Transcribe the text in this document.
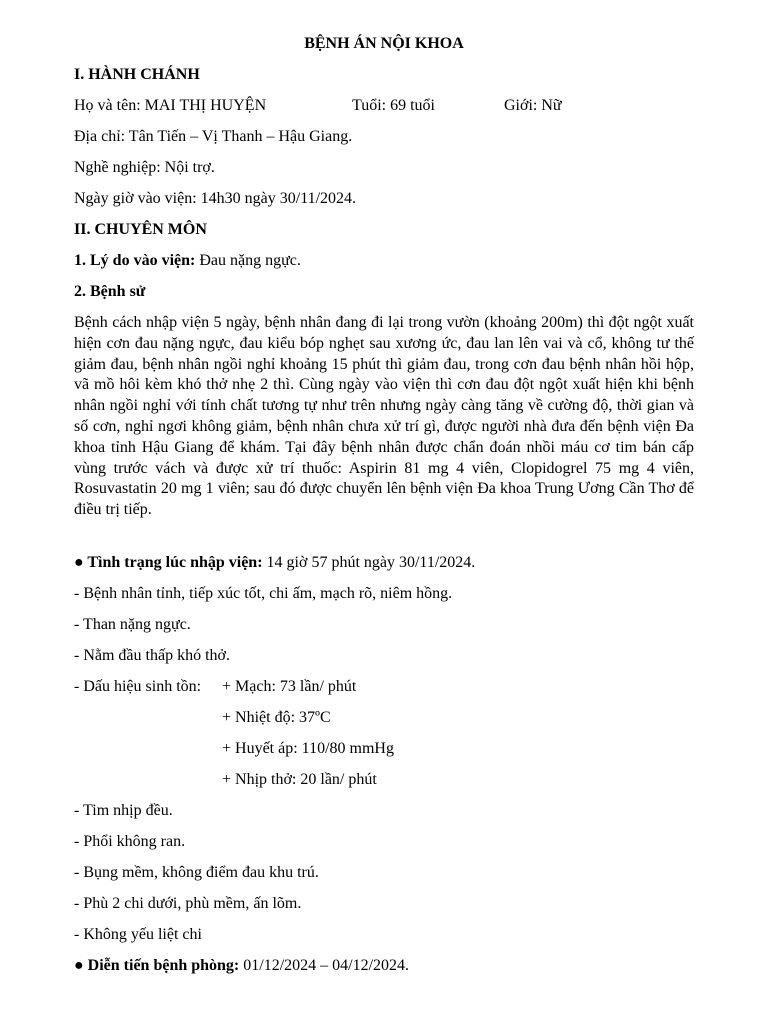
BỆNH ÁN NỘI KHOA
I. HÀNH CHÁNH
Họ và tên: MAI THỊ HUYỆN	Tuổi: 69 tuổi	Giới: Nữ
Địa chỉ: Tân Tiến – Vị Thanh – Hậu Giang.
Nghề nghiệp: Nội trợ.
Ngày giờ vào viện: 14h30 ngày 30/11/2024.
II. CHUYÊN MÔN
1. Lý do vào viện: Đau nặng ngực.
2. Bệnh sử
Bệnh cách nhập viện 5 ngày, bệnh nhân đang đi lại trong vườn (khoảng 200m) thì đột ngột xuất hiện cơn đau nặng ngực, đau kiểu bóp nghẹt sau xương ức, đau lan lên vai và cổ, không tư thế giảm đau, bệnh nhân ngồi nghỉ khoảng 15 phút thì giảm đau, trong cơn đau bệnh nhân hồi hộp, vã mồ hôi kèm khó thở nhẹ 2 thì. Cùng ngày vào viện thì cơn đau đột ngột xuất hiện khi bệnh nhân ngồi nghỉ với tính chất tương tự như trên nhưng ngày càng tăng về cường độ, thời gian và số cơn, nghỉ ngơi không giảm, bệnh nhân chưa xử trí gì, được người nhà đưa đến bệnh viện Đa khoa tỉnh Hậu Giang để khám. Tại đây bệnh nhân được chẩn đoán nhồi máu cơ tim bán cấp vùng trước vách và được xử trí thuốc: Aspirin 81 mg 4 viên, Clopidogrel 75 mg 4 viên, Rosuvastatin 20 mg 1 viên; sau đó được chuyển lên bệnh viện Đa khoa Trung Ương Cần Thơ để điều trị tiếp.
● Tình trạng lúc nhập viện: 14 giờ 57 phút ngày 30/11/2024.
- Bệnh nhân tỉnh, tiếp xúc tốt, chi ấm, mạch rõ, niêm hồng.
- Than nặng ngực.
- Nằm đầu thấp khó thở.
- Dấu hiệu sinh tồn: + Mạch: 73 lần/ phút
+ Nhiệt độ: 37ºC
+ Huyết áp: 110/80 mmHg
+ Nhịp thở: 20 lần/ phút
- Tim nhịp đều.
- Phổi không ran.
- Bụng mềm, không điểm đau khu trú.
- Phù 2 chi dưới, phù mềm, ấn lõm.
- Không yếu liệt chi
● Diễn tiến bệnh phòng: 01/12/2024 – 04/12/2024.
